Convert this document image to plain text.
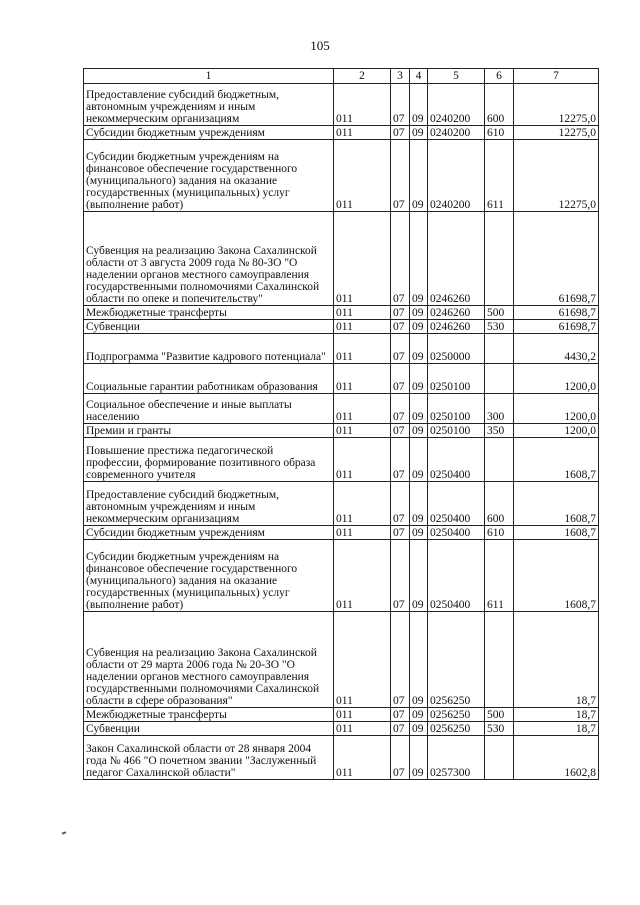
105
1	2	3	4	5	6	7
Предоставление субсидий бюджетным, автономным учреждениям и иным некоммерческим организациям	011	07	09	0240200	600	12275,0
Субсидии бюджетным учреждениям	011	07	09	0240200	610	12275,0
Субсидии бюджетным учреждениям на финансовое обеспечение государственного (муниципального) задания на оказание государственных (муниципальных) услуг (выполнение работ)	011	07	09	0240200	611	12275,0
Субвенция на реализацию Закона Сахалинской области от 3 августа 2009 года № 80-ЗО "О наделении органов местного самоуправления государственными полномочиями Сахалинской области по опеке и попечительству"	011	07	09	0246260		61698,7
Межбюджетные трансферты	011	07	09	0246260	500	61698,7
Субвенции	011	07	09	0246260	530	61698,7
Подпрограмма "Развитие кадрового потенциала"	011	07	09	0250000		4430,2
Социальные гарантии работникам образования	011	07	09	0250100		1200,0
Социальное обеспечение и иные выплаты населению	011	07	09	0250100	300	1200,0
Премии и гранты	011	07	09	0250100	350	1200,0
Повышение престижа педагогической профессии, формирование позитивного образа современного учителя	011	07	09	0250400		1608,7
Предоставление субсидий бюджетным, автономным учреждениям и иным некоммерческим организациям	011	07	09	0250400	600	1608,7
Субсидии бюджетным учреждениям	011	07	09	0250400	610	1608,7
Субсидии бюджетным учреждениям на финансовое обеспечение государственного (муниципального) задания на оказание государственных (муниципальных) услуг (выполнение работ)	011	07	09	0250400	611	1608,7
Субвенция на реализацию Закона Сахалинской области от 29 марта 2006 года № 20-ЗО "О наделении органов местного самоуправления государственными полномочиями Сахалинской области в сфере образования"	011	07	09	0256250		18,7
Межбюджетные трансферты	011	07	09	0256250	500	18,7
Субвенции	011	07	09	0256250	530	18,7
Закон Сахалинской области от 28 января 2004 года № 466 "О почетном звании "Заслуженный педагог Сахалинской области"	011	07	09	0257300		1602,8
